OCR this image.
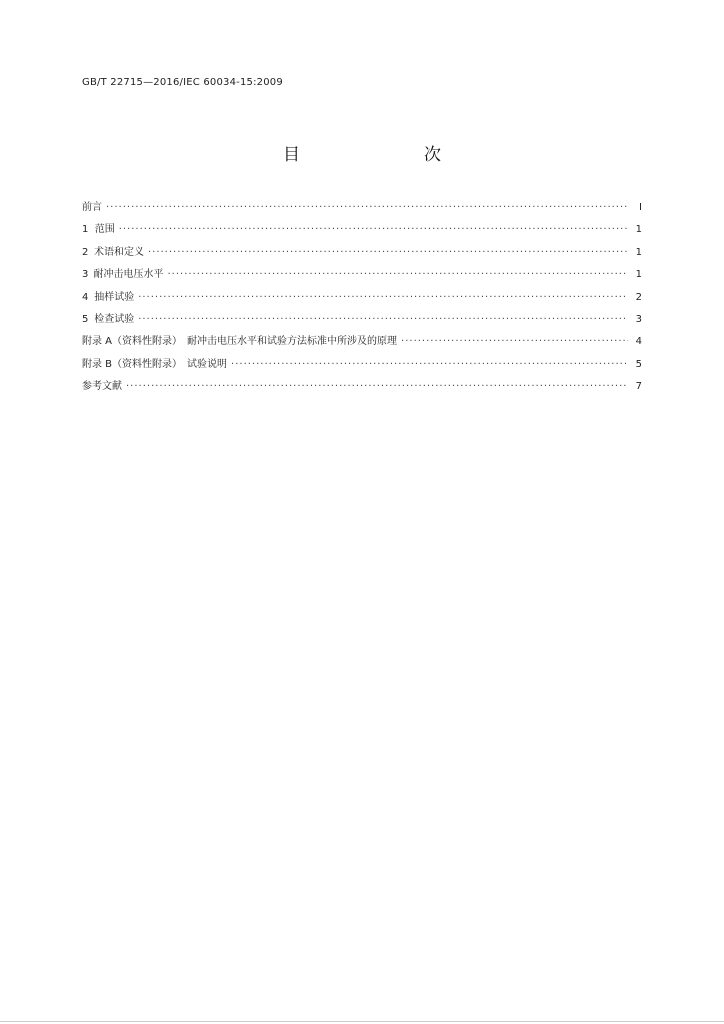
GB/T 22715—2016/IEC 60034-15:2009
目　　次
前言 ·····	Ⅰ
1 范围 ·····	1
2 术语和定义 ·····	1
3 耐冲击电压水平 ·····	1
4 抽样试验 ·····	2
5 检查试验 ·····	3
附录 A（资料性附录）　耐冲击电压水平和试验方法标准中所涉及的原理 ·····	4
附录 B（资料性附录）　试验说明 ·····	5
参考文献 ·····	7
